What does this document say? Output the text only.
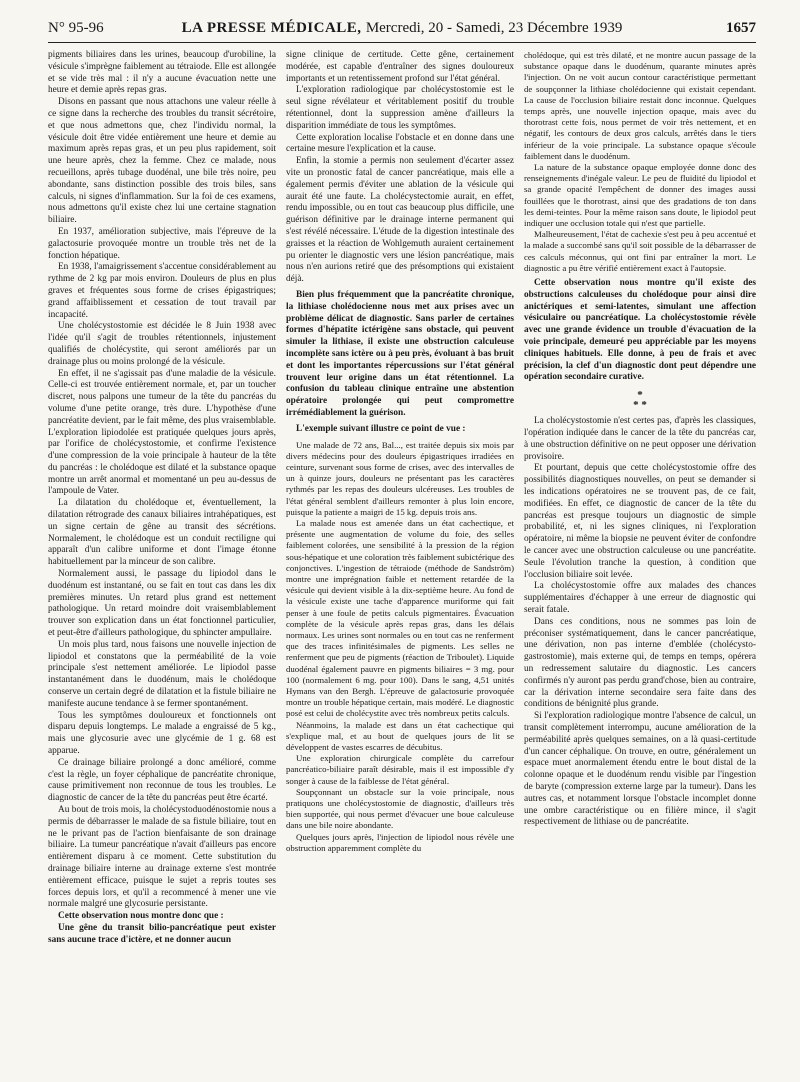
N° 95-96	LA PRESSE MÉDICALE, Mercredi, 20 - Samedi, 23 Décembre 1939	1657

pigments biliaires dans les urines, beaucoup d'urobiline, la vésicule s'imprègne faiblement au tétraiode. Elle est allongée et se vide très mal : il n'y a aucune évacuation nette une heure et demie après repas gras.

Disons en passant que nous attachons une valeur réelle à ce signe dans la recherche des troubles du transit sécrétoire, et que nous admettons que, chez l'individu normal, la vésicule doit être vidée entièrement une heure et demie au maximum après repas gras, et un peu plus rapidement, soit une heure après, chez la femme. Chez ce malade, nous recueillons, après tubage duodénal, une bile très noire, peu abondante, sans distinction possible des trois biles, sans calculs, ni signes d'inflammation. Sur la foi de ces examens, nous admettons qu'il existe chez lui une certaine stagnation biliaire.

En 1937, amélioration subjective, mais l'épreuve de la galactosurie provoquée montre un trouble très net de la fonction hépatique.

En 1938, l'amaigrissement s'accentue considérablement au rythme de 2 kg par mois environ. Douleurs de plus en plus graves et fréquentes sous forme de crises épigastriques; grand affaiblissement et cessation de tout travail par incapacité.

Une cholécystostomie est décidée le 8 Juin 1938 avec l'idée qu'il s'agit de troubles rétentionnels, injustement qualifiés de cholécystite, qui seront améliorés par un drainage plus ou moins prolongé de la vésicule.

En effet, il ne s'agissait pas d'une maladie de la vésicule. Celle-ci est trouvée entièrement normale, et, par un toucher discret, nous palpons une tumeur de la tête du pancréas du volume d'une petite orange, très dure. L'hypothèse d'une pancréatite devient, par le fait même, des plus vraisemblable. L'exploration lipiodolée est pratiquée quelques jours après, par l'orifice de cholécystostomie, et confirme l'existence d'une compression de la voie principale à hauteur de la tête du pancréas : le cholédoque est dilaté et la substance opaque montre un arrêt anormal et momentané un peu au-dessus de l'ampoule de Vater.

La dilatation du cholédoque et, éventuellement, la dilatation rétrograde des canaux biliaires intrahépatiques, est un signe certain de gêne au transit des sécrétions. Normalement, le cholédoque est un conduit rectiligne qui apparaît d'un calibre uniforme et dont l'image étonne habituellement par la minceur de son calibre.

Normalement aussi, le passage du lipiodol dans le duodénum est instantané, ou se fait en tout cas dans les dix premières minutes. Un retard plus grand est nettement pathologique. Un retard moindre doit vraisemblablement trouver son explication dans un état fonctionnel particulier, et peut-être d'ailleurs pathologique, du sphincter ampullaire.

Un mois plus tard, nous faisons une nouvelle injection de lipiodol et constatons que la perméabilité de la voie principale s'est nettement améliorée. Le lipiodol passe instantanément dans le duodénum, mais le cholédoque conserve un certain degré de dilatation et la fistule biliaire ne manifeste aucune tendance à se fermer spontanément.

Tous les symptômes douloureux et fonctionnels ont disparu depuis longtemps. Le malade a engraissé de 5 kg., mais une glycosurie avec une glycémie de 1 g. 68 est apparue.

Ce drainage biliaire prolongé a donc amélioré, comme c'est la règle, un foyer céphalique de pancréatite chronique, cause primitivement non reconnue de tous les troubles. Le diagnostic de cancer de la tête du pancréas peut être écarté.

Au bout de trois mois, la cholécystoduodénostomie nous a permis de débarrasser le malade de sa fistule biliaire, tout en ne le privant pas de l'action bienfaisante de son drainage biliaire. La tumeur pancréatique n'avait d'ailleurs pas encore entièrement disparu à ce moment. Cette substitution du drainage biliaire interne au drainage externe s'est montrée entièrement efficace, puisque le sujet a repris toutes ses forces depuis lors, et qu'il a recommencé à mener une vie normale malgré une glycosurie persistante.

Cette observation nous montre donc que :

Une gêne du transit bilio-pancréatique peut exister sans aucune trace d'ictère, et ne donner aucun

signe clinique de certitude. Cette gêne, certainement modérée, est capable d'entraîner des signes douloureux importants et un retentissement profond sur l'état général.

L'exploration radiologique par cholécystostomie est le seul signe révélateur et véritablement positif du trouble rétentionnel, dont la suppression amène d'ailleurs la disparition immédiate de tous les symptômes.

Cette exploration localise l'obstacle et en donne dans une certaine mesure l'explication et la cause.

Enfin, la stomie a permis non seulement d'écarter assez vite un pronostic fatal de cancer pancréatique, mais elle a également permis d'éviter une ablation de la vésicule qui aurait été une faute. La cholécystectomie aurait, en effet, rendu impossible, ou en tout cas beaucoup plus difficile, une guérison définitive par le drainage interne permanent qui s'est révélé nécessaire. L'étude de la digestion intestinale des graisses et la réaction de Wohlgemuth auraient certainement pu orienter le diagnostic vers une lésion pancréatique, mais nous n'en aurions retiré que des présomptions qui existaient déjà.

Bien plus fréquemment que la pancréatite chronique, la lithiase cholédocienne nous met aux prises avec un problème délicat de diagnostic. Sans parler de certaines formes d'hépatite ictérigène sans obstacle, qui peuvent simuler la lithiase, il existe une obstruction calculeuse incomplète sans ictère ou à peu près, évoluant à bas bruit et dont les importantes répercussions sur l'état général trouvent leur origine dans un état rétentionnel. La confusion du tableau clinique entraîne une abstention opératoire prolongée qui peut compromettre irrémédiablement la guérison.

L'exemple suivant illustre ce point de vue :

Une malade de 72 ans, Bal..., est traitée depuis six mois par divers médecins pour des douleurs épigastriques irradiées en ceinture, survenant sous forme de crises, avec des intervalles de un à quinze jours, douleurs ne présentant pas les caractères rythmés par les repas des douleurs ulcéreuses. Les troubles de l'état général semblent d'ailleurs remonter à plus loin encore, puisque la patiente a maigri de 15 kg. depuis trois ans.

La malade nous est amenée dans un état cachectique, et présente une augmentation de volume du foie, des selles faiblement colorées, une sensibilité à la pression de la région sous-hépatique et une coloration très faiblement subictérique des conjonctives. L'ingestion de tétraiode (méthode de Sandström) montre une imprégnation faible et nettement retardée de la vésicule qui devient visible à la dix-septième heure. Au fond de la vésicule existe une tache d'apparence muriforme qui fait penser à une foule de petits calculs pigmentaires. Évacuation complète de la vésicule après repas gras, dans les délais normaux. Les urines sont normales ou en tout cas ne renferment que des traces infinitésimales de pigments. Les selles ne renferment que peu de pigments (réaction de Triboulet). Liquide duodénal également pauvre en pigments biliaires = 3 mg. pour 100 (normalement 6 mg. pour 100). Dans le sang, 4,51 unités Hymans van den Bergh. L'épreuve de galactosurie provoquée montre un trouble hépatique certain, mais modéré. Le diagnostic posé est celui de cholécystite avec très nombreux petits calculs.

Néanmoins, la malade est dans un état cachectique qui s'explique mal, et au bout de quelques jours de lit se développent de vastes escarres de décubitus.

Une exploration chirurgicale complète du carrefour pancréatico-biliaire paraît désirable, mais il est impossible d'y songer à cause de la faiblesse de l'état général.

Soupçonnant un obstacle sur la voie principale, nous pratiquons une cholécystostomie de diagnostic, d'ailleurs très bien supportée, qui nous permet d'évacuer une boue calculeuse dans une bile noire abondante.

Quelques jours après, l'injection de lipiodol nous révèle une obstruction apparemment complète du

cholédoque, qui est très dilaté, et ne montre aucun passage de la substance opaque dans le duodénum, quarante minutes après l'injection. On ne voit aucun contour caractéristique permettant de soupçonner la lithiase cholédocienne qui existait cependant. La cause de l'occlusion biliaire restait donc inconnue. Quelques temps après, une nouvelle injection opaque, mais avec du thorotrast cette fois, nous permet de voir très nettement, et en négatif, les contours de deux gros calculs, arrêtés dans le tiers inférieur de la voie principale. La substance opaque s'écoule faiblement dans le duodénum.

La nature de la substance opaque employée donne donc des renseignements d'inégale valeur. Le peu de fluidité du lipiodol et sa grande opacité l'empêchent de donner des images aussi fouillées que le thorotrast, ainsi que des gradations de ton dans les demi-teintes. Pour la même raison sans doute, le lipiodol peut indiquer une occlusion totale qui n'est que partielle.

Malheureusement, l'état de cachexie s'est peu à peu accentué et la malade a succombé sans qu'il soit possible de la débarrasser de ces calculs méconnus, qui ont fini par entraîner la mort. Le diagnostic a pu être vérifié entièrement exact à l'autopsie.

Cette observation nous montre qu'il existe des obstructions calculeuses du cholédoque pour ainsi dire anictériques et semi-latentes, simulant une affection vésiculaire ou pancréatique. La cholécystostomie révèle avec une grande évidence un trouble d'évacuation de la voie principale, demeuré peu appréciable par les moyens cliniques habituels. Elle donne, à peu de frais et avec précision, la clef d'un diagnostic dont peut dépendre une opération secondaire curative.

*
* *

La cholécystostomie n'est certes pas, d'après les classiques, l'opération indiquée dans le cancer de la tête du pancréas car, à une obstruction définitive on ne peut opposer une dérivation provisoire.

Et pourtant, depuis que cette cholécystostomie offre des possibilités diagnostiques nouvelles, on peut se demander si les indications opératoires ne se trouvent pas, de ce fait, modifiées. En effet, ce diagnostic de cancer de la tête du pancréas est presque toujours un diagnostic de simple probabilité, et, ni les signes cliniques, ni l'exploration opératoire, ni même la biopsie ne peuvent éviter de confondre le cancer avec une obstruction calculeuse ou une pancréatite. Seule l'évolution tranche la question, à condition que l'occlusion biliaire soit levée.

La cholécystostomie offre aux malades des chances supplémentaires d'échapper à une erreur de diagnostic qui serait fatale.

Dans ces conditions, nous ne sommes pas loin de préconiser systématiquement, dans le cancer pancréatique, une dérivation, non pas interne d'emblée (cholécysto-gastrostomie), mais externe qui, de temps en temps, opérera un redressement salutaire du diagnostic. Les cancers confirmés n'y auront pas perdu grand'chose, bien au contraire, car la dérivation interne secondaire sera faite dans des conditions de bénignité plus grande.

Si l'exploration radiologique montre l'absence de calcul, un transit complètement interrompu, aucune amélioration de la perméabilité après quelques semaines, on a là quasi-certitude d'un cancer céphalique. On trouve, en outre, généralement un espace muet anormalement étendu entre le bout distal de la colonne opaque et le duodénum rendu visible par l'ingestion de baryte (compression externe large par la tumeur). Dans les autres cas, et notamment lorsque l'obstacle incomplet donne une ombre caractéristique ou en filière mince, il s'agit respectivement de lithiase ou de pancréatite.
